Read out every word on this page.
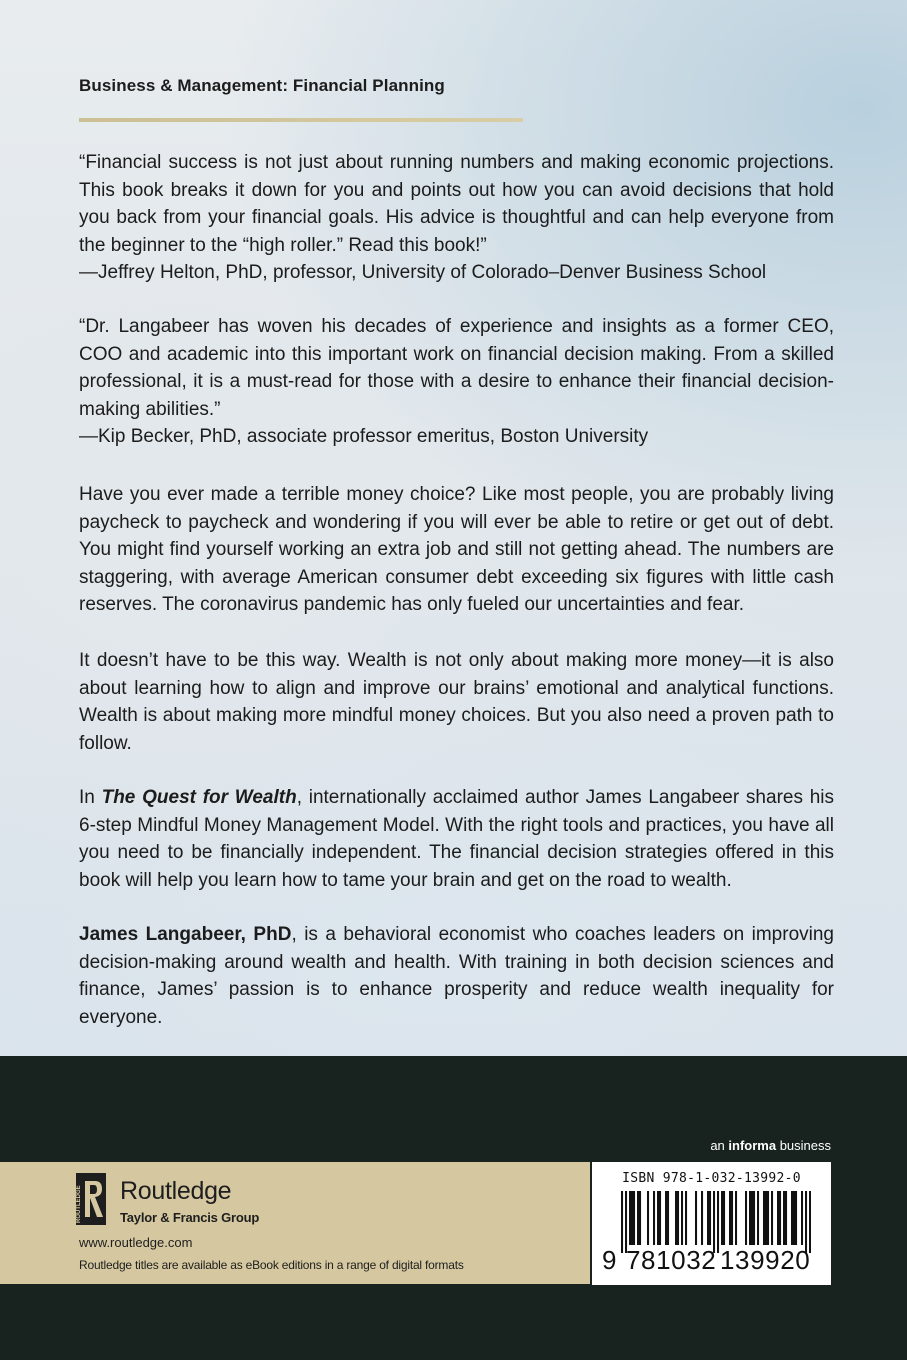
Business & Management: Financial Planning

“Financial success is not just about running numbers and making economic projections. This book breaks it down for you and points out how you can avoid decisions that hold you back from your financial goals. His advice is thoughtful and can help everyone from the beginner to the “high roller.” Read this book!”

—Jeffrey Helton, PhD, professor, University of Colorado–Denver Business School

“Dr. Langabeer has woven his decades of experience and insights as a former CEO, COO and academic into this important work on financial decision making. From a skilled professional, it is a must-read for those with a desire to enhance their financial decision-making abilities.”

—Kip Becker, PhD, associate professor emeritus, Boston University

Have you ever made a terrible money choice? Like most people, you are probably living paycheck to paycheck and wondering if you will ever be able to retire or get out of debt. You might find yourself working an extra job and still not getting ahead. The numbers are staggering, with average American consumer debt exceeding six figures with little cash reserves. The coronavirus pandemic has only fueled our uncertainties and fear.

It doesn’t have to be this way. Wealth is not only about making more money—it is also about learning how to align and improve our brains’ emotional and analytical functions. Wealth is about making more mindful money choices. But you also need a proven path to follow.

In The Quest for Wealth, internationally acclaimed author James Langabeer shares his 6-step Mindful Money Management Model. With the right tools and practices, you have all you need to be financially independent. The financial decision strategies offered in this book will help you learn how to tame your brain and get on the road to wealth.

James Langabeer, PhD, is a behavioral economist who coaches leaders on improving decision-making around wealth and health. With training in both decision sciences and finance, James’ passion is to enhance prosperity and reduce wealth inequality for everyone.

an informa business
ROUTLEDGE Routledge
Taylor & Francis Group
www.routledge.com
Routledge titles are available as eBook editions in a range of digital formats
ISBN 978-1-032-13992-0
9 781032 139920
